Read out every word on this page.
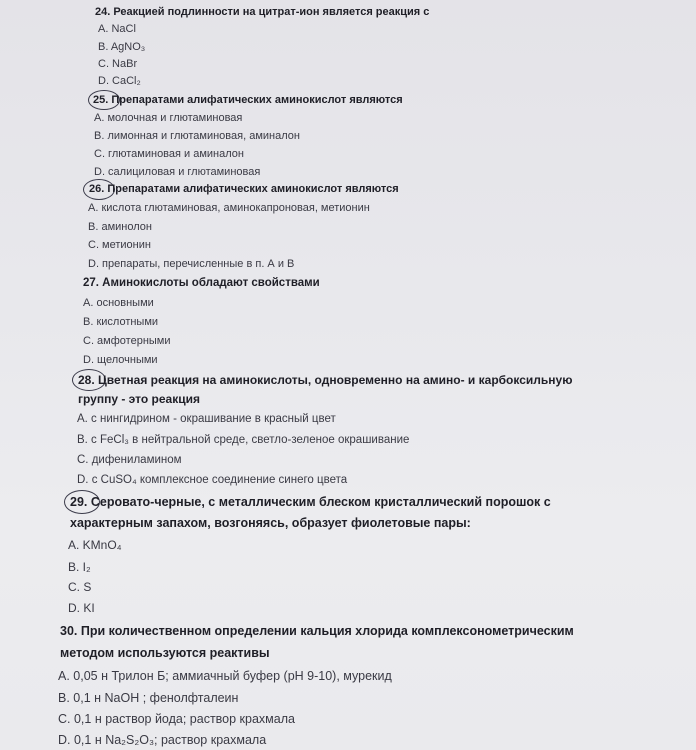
24. Реакцией подлинности на цитрат-ион является реакция с
A. NaCl
B. AgNO₃
C. NaBr
D. CaCl₂
25. Препаратами алифатических аминокислот являются
A. молочная и глютаминовая
B. лимонная и глютаминовая, аминалон
C. глютаминовая и аминалон
D. салициловая и глютаминовая
26. Препаратами алифатических аминокислот являются
A. кислота глютаминовая, аминокапроновая, метионин
B. аминолон
C. метионин
D. препараты, перечисленные в п. А и В
27. Аминокислоты обладают свойствами
A. основными
B. кислотными
C. амфотерными
D. щелочными
28. Цветная реакция на аминокислоты, одновременно на амино- и карбоксильную
группу - это реакция
A. с нингидрином - окрашивание в красный цвет
B. с FeCl₃ в нейтральной среде, светло-зеленое окрашивание
C. дифениламином
D. с CuSO₄ комплексное соединение синего цвета
29. Серовато-черные, с металлическим блеском кристаллический порошок с
характерным запахом, возгоняясь, образует фиолетовые пары:
A. KMnO₄
B. I₂
C. S
D. KI
30. При количественном определении кальция хлорида комплексонометрическим
методом используются реактивы
A. 0,05 н Трилон Б; аммиачный буфер (рН 9-10), мурекид
B. 0,1 н NaOH ; фенолфталеин
C. 0,1 н раствор йода; раствор крахмала
D. 0,1 н Na₂S₂O₃; раствор крахмала
